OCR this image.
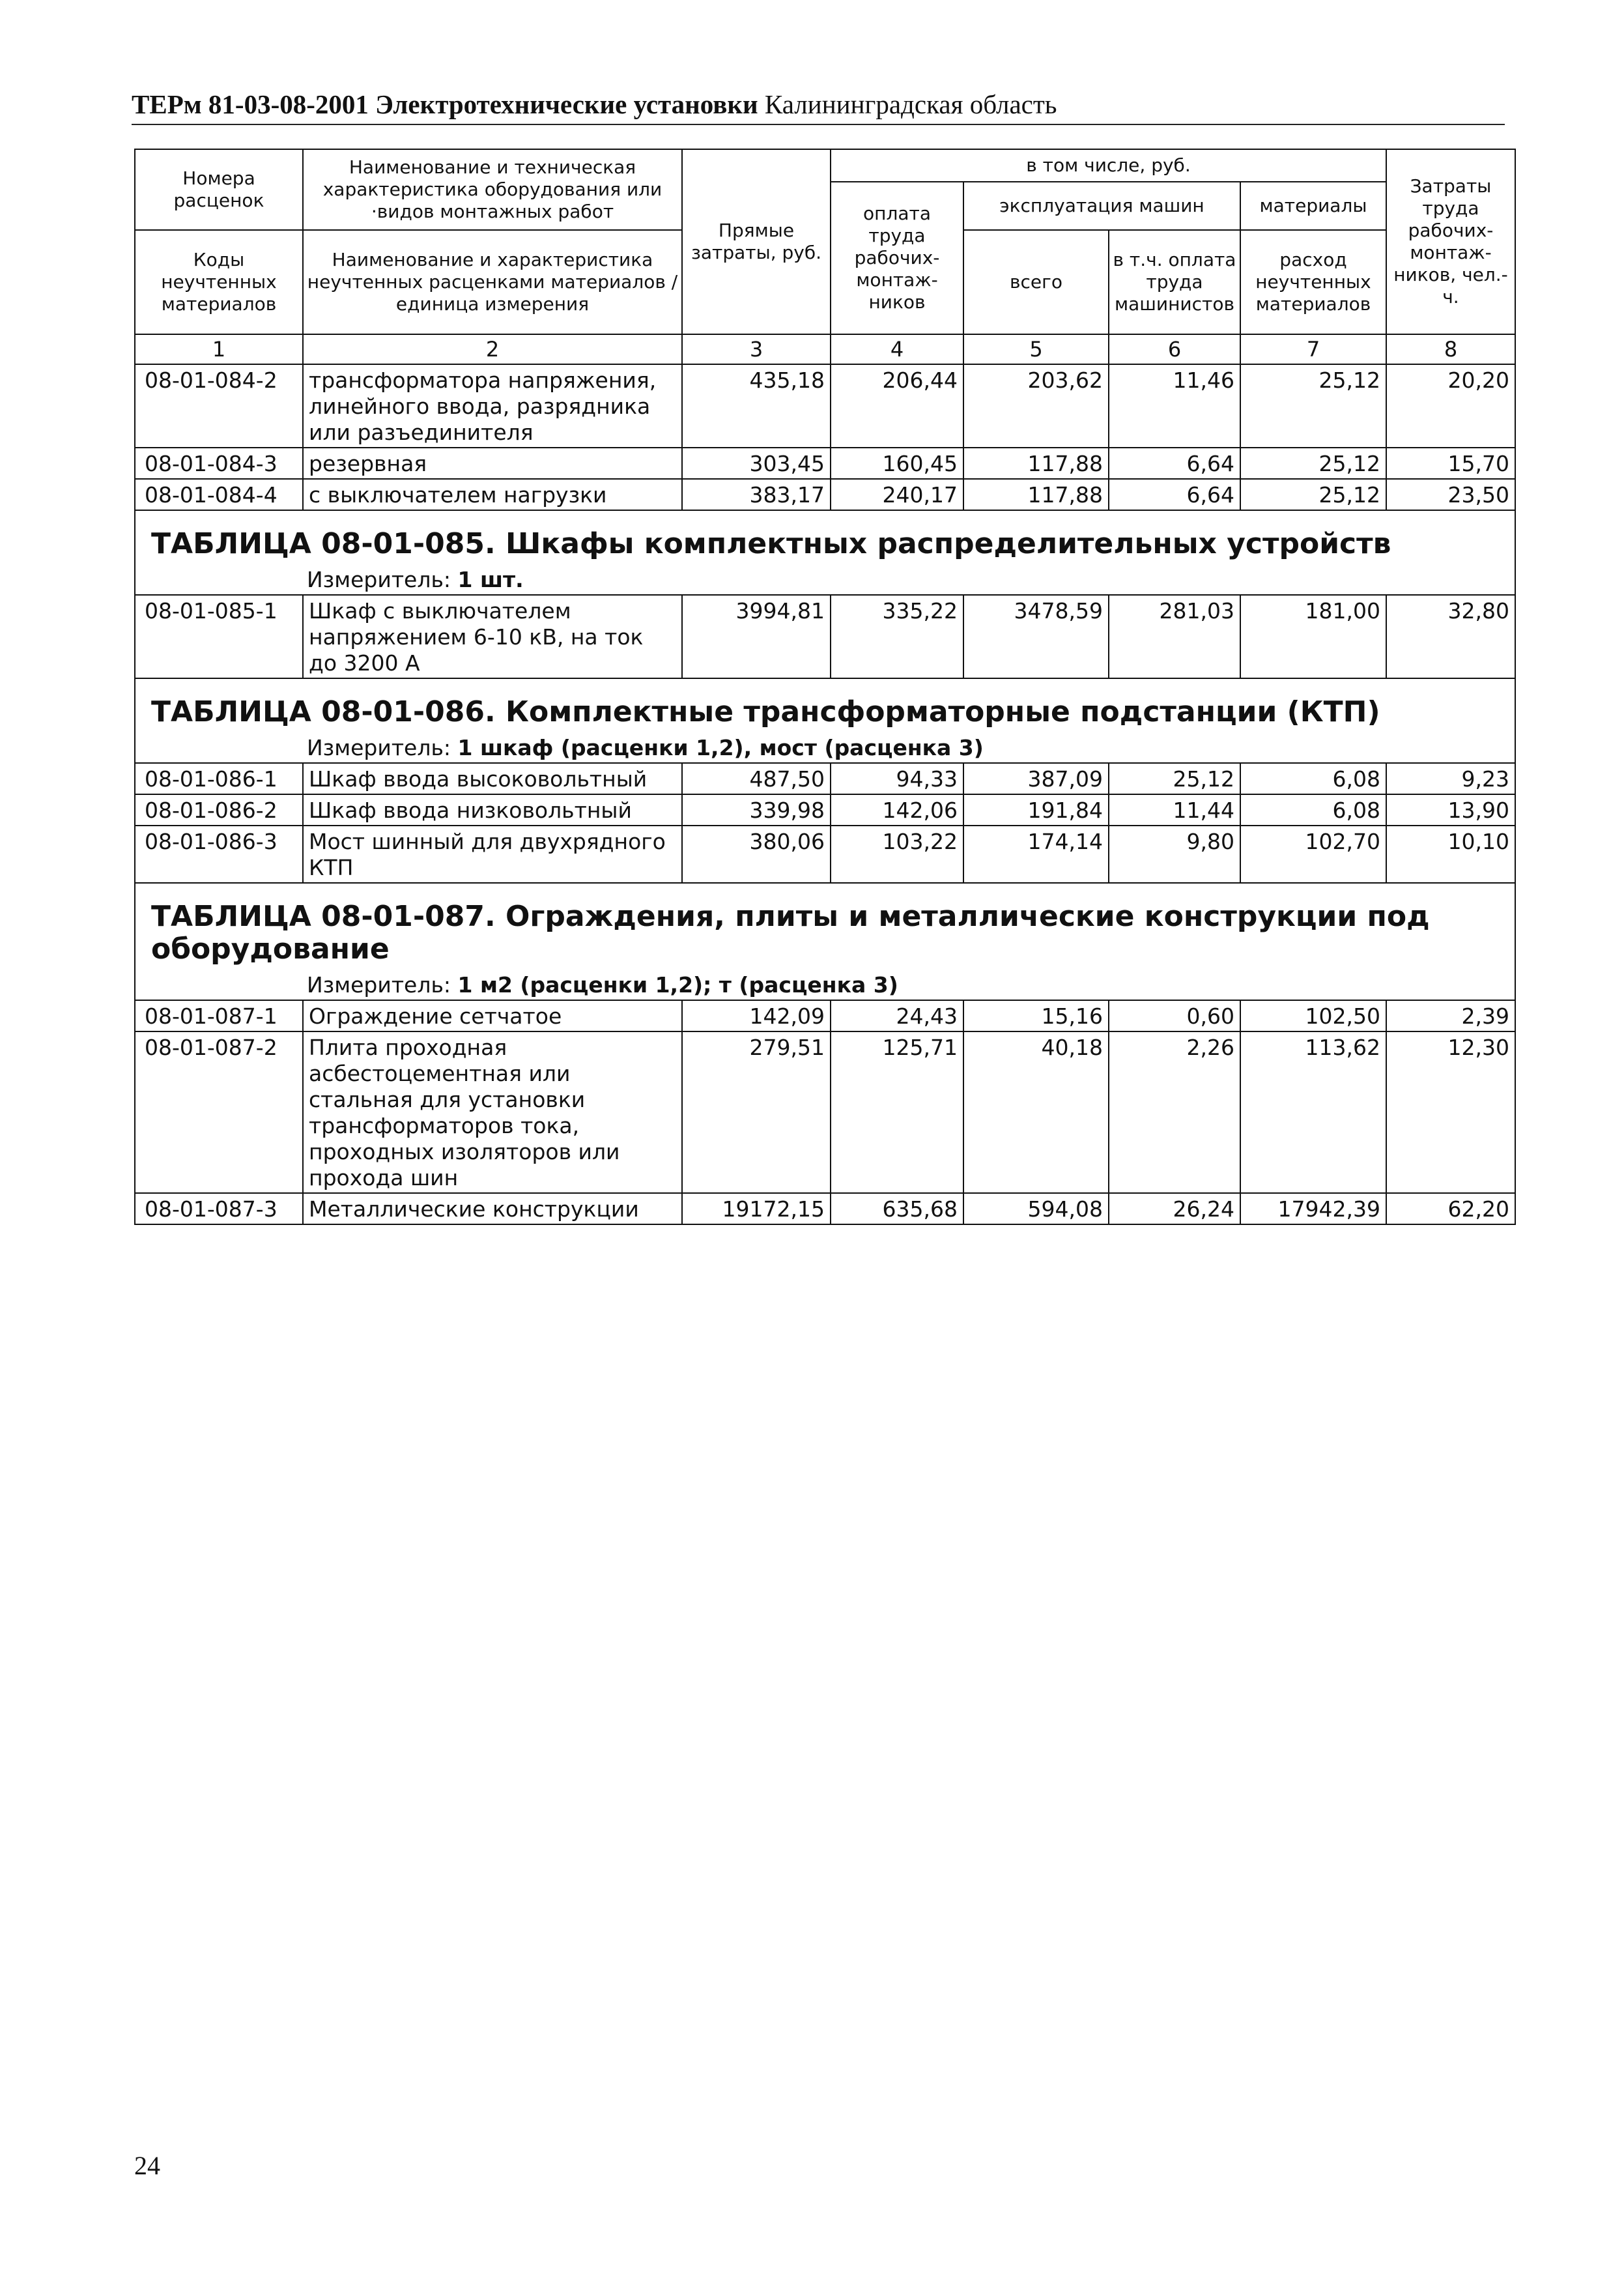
ТЕРм 81-03-08-2001 Электротехнические установки Калининградская область
Номера расценок	Наименование и техническая характеристика оборудования или ·видов монтажных работ	Прямые затраты, руб.	в том числе, руб.				Затраты труда рабочих-монтаж-ников, чел.-ч.
			оплата труда рабочих-монтаж-ников	эксплуатация машин		материалы	
Коды неучтенных материалов	Наименование и характеристика неучтенных расценками материалов / единица измерения			всего	в т.ч. оплата труда машинистов	расход неучтенных материалов	

1	2	3	4	5	6	7	8
08-01-084-2	трансформатора напряжения, линейного ввода, разрядника или разъединителя	435,18	206,44	203,62	11,46	25,12	20,20
08-01-084-3	резервная	303,45	160,45	117,88	6,64	25,12	15,70
08-01-084-4	с выключателем нагрузки	383,17	240,17	117,88	6,64	25,12	23,50
ТАБЛИЦА 08-01-085. Шкафы комплектных распределительных устройств							
Измеритель: 1 шт.							
08-01-085-1	Шкаф с выключателем напряжением 6-10 кВ, на ток до 3200 А	3994,81	335,22	3478,59	281,03	181,00	32,80
ТАБЛИЦА 08-01-086. Комплектные трансформаторные подстанции (КТП)							
Измеритель: 1 шкаф (расценки 1,2), мост (расценка 3)							
08-01-086-1	Шкаф ввода высоковольтный	487,50	94,33	387,09	25,12	6,08	9,23
08-01-086-2	Шкаф ввода низковольтный	339,98	142,06	191,84	11,44	6,08	13,90
08-01-086-3	Мост шинный для двухрядного КТП	380,06	103,22	174,14	9,80	102,70	10,10
ТАБЛИЦА 08-01-087. Ограждения, плиты и металлические конструкции под оборудование							
Измеритель: 1 м2 (расценки 1,2); т (расценка 3)							
08-01-087-1	Ограждение сетчатое	142,09	24,43	15,16	0,60	102,50	2,39
08-01-087-2	Плита проходная асбестоцементная или стальная для установки трансформаторов тока, проходных изоляторов или прохода шин	279,51	125,71	40,18	2,26	113,62	12,30
08-01-087-3	Металлические конструкции	19172,15	635,68	594,08	26,24	17942,39	62,20
24
